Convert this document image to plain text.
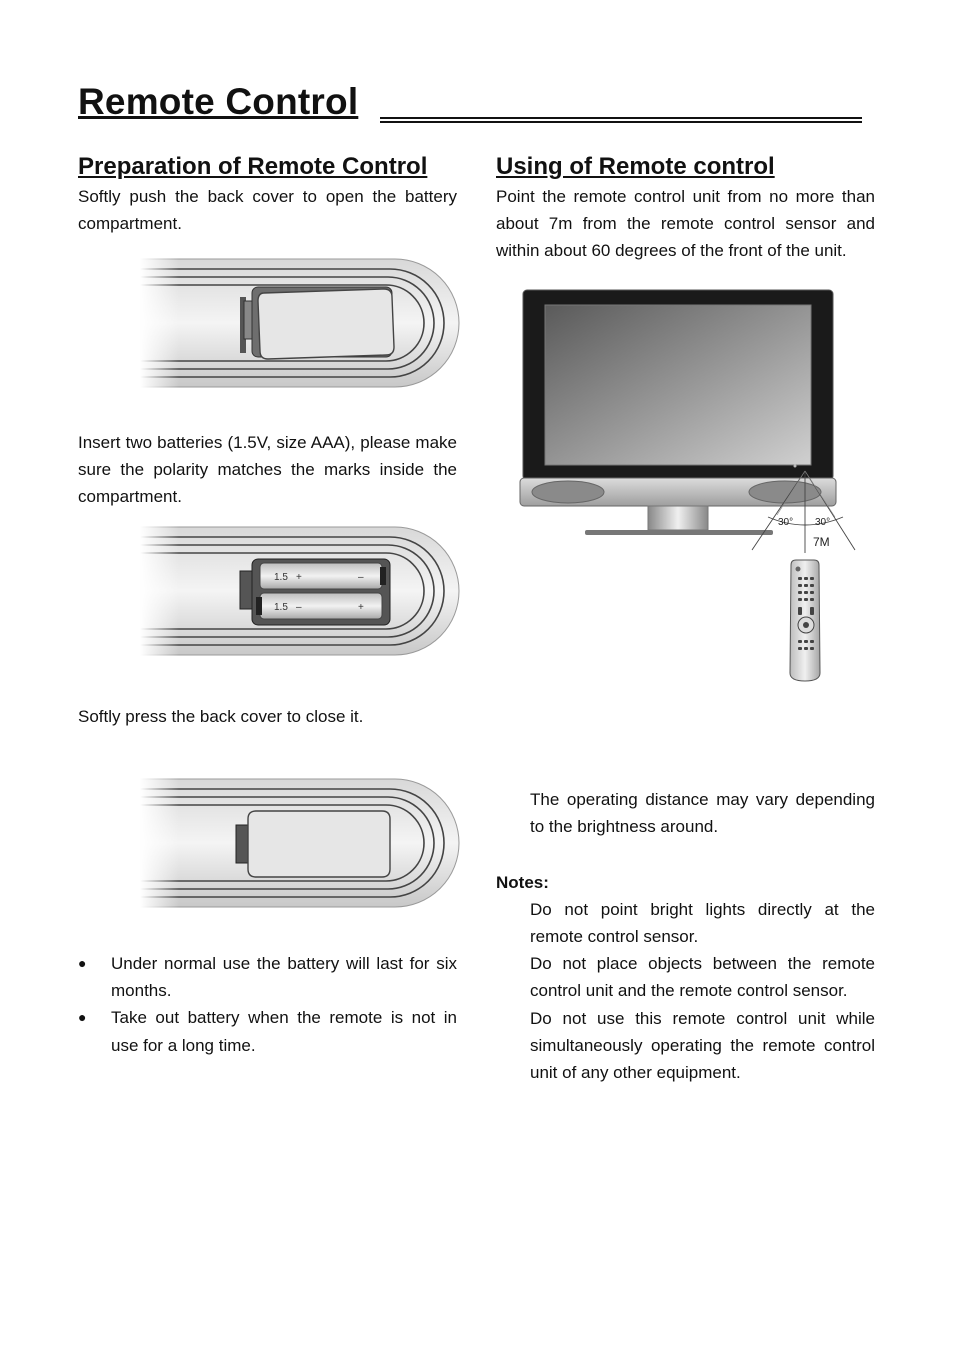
Remote Control
Preparation of Remote Control

Softly push the back cover to open the battery compartment.

Insert two batteries (1.5V, size AAA), please make sure the polarity matches the marks inside the compartment.

Softly press the back cover to close it.

● Under normal use the battery will last for six months.
● Take out battery when the remote is not in use for a long time.
Using of Remote control

Point the remote control unit from no more than about 7m from the remote control sensor and within about 60 degrees of the front of the unit.

30° 30°
7M

The operating distance may vary depending to the brightness around.

Notes:

Do not point bright lights directly at the remote control sensor.

Do not place objects between the remote control unit and the remote control sensor.

Do not use this remote control unit while simultaneously operating the remote control unit of any other equipment.
